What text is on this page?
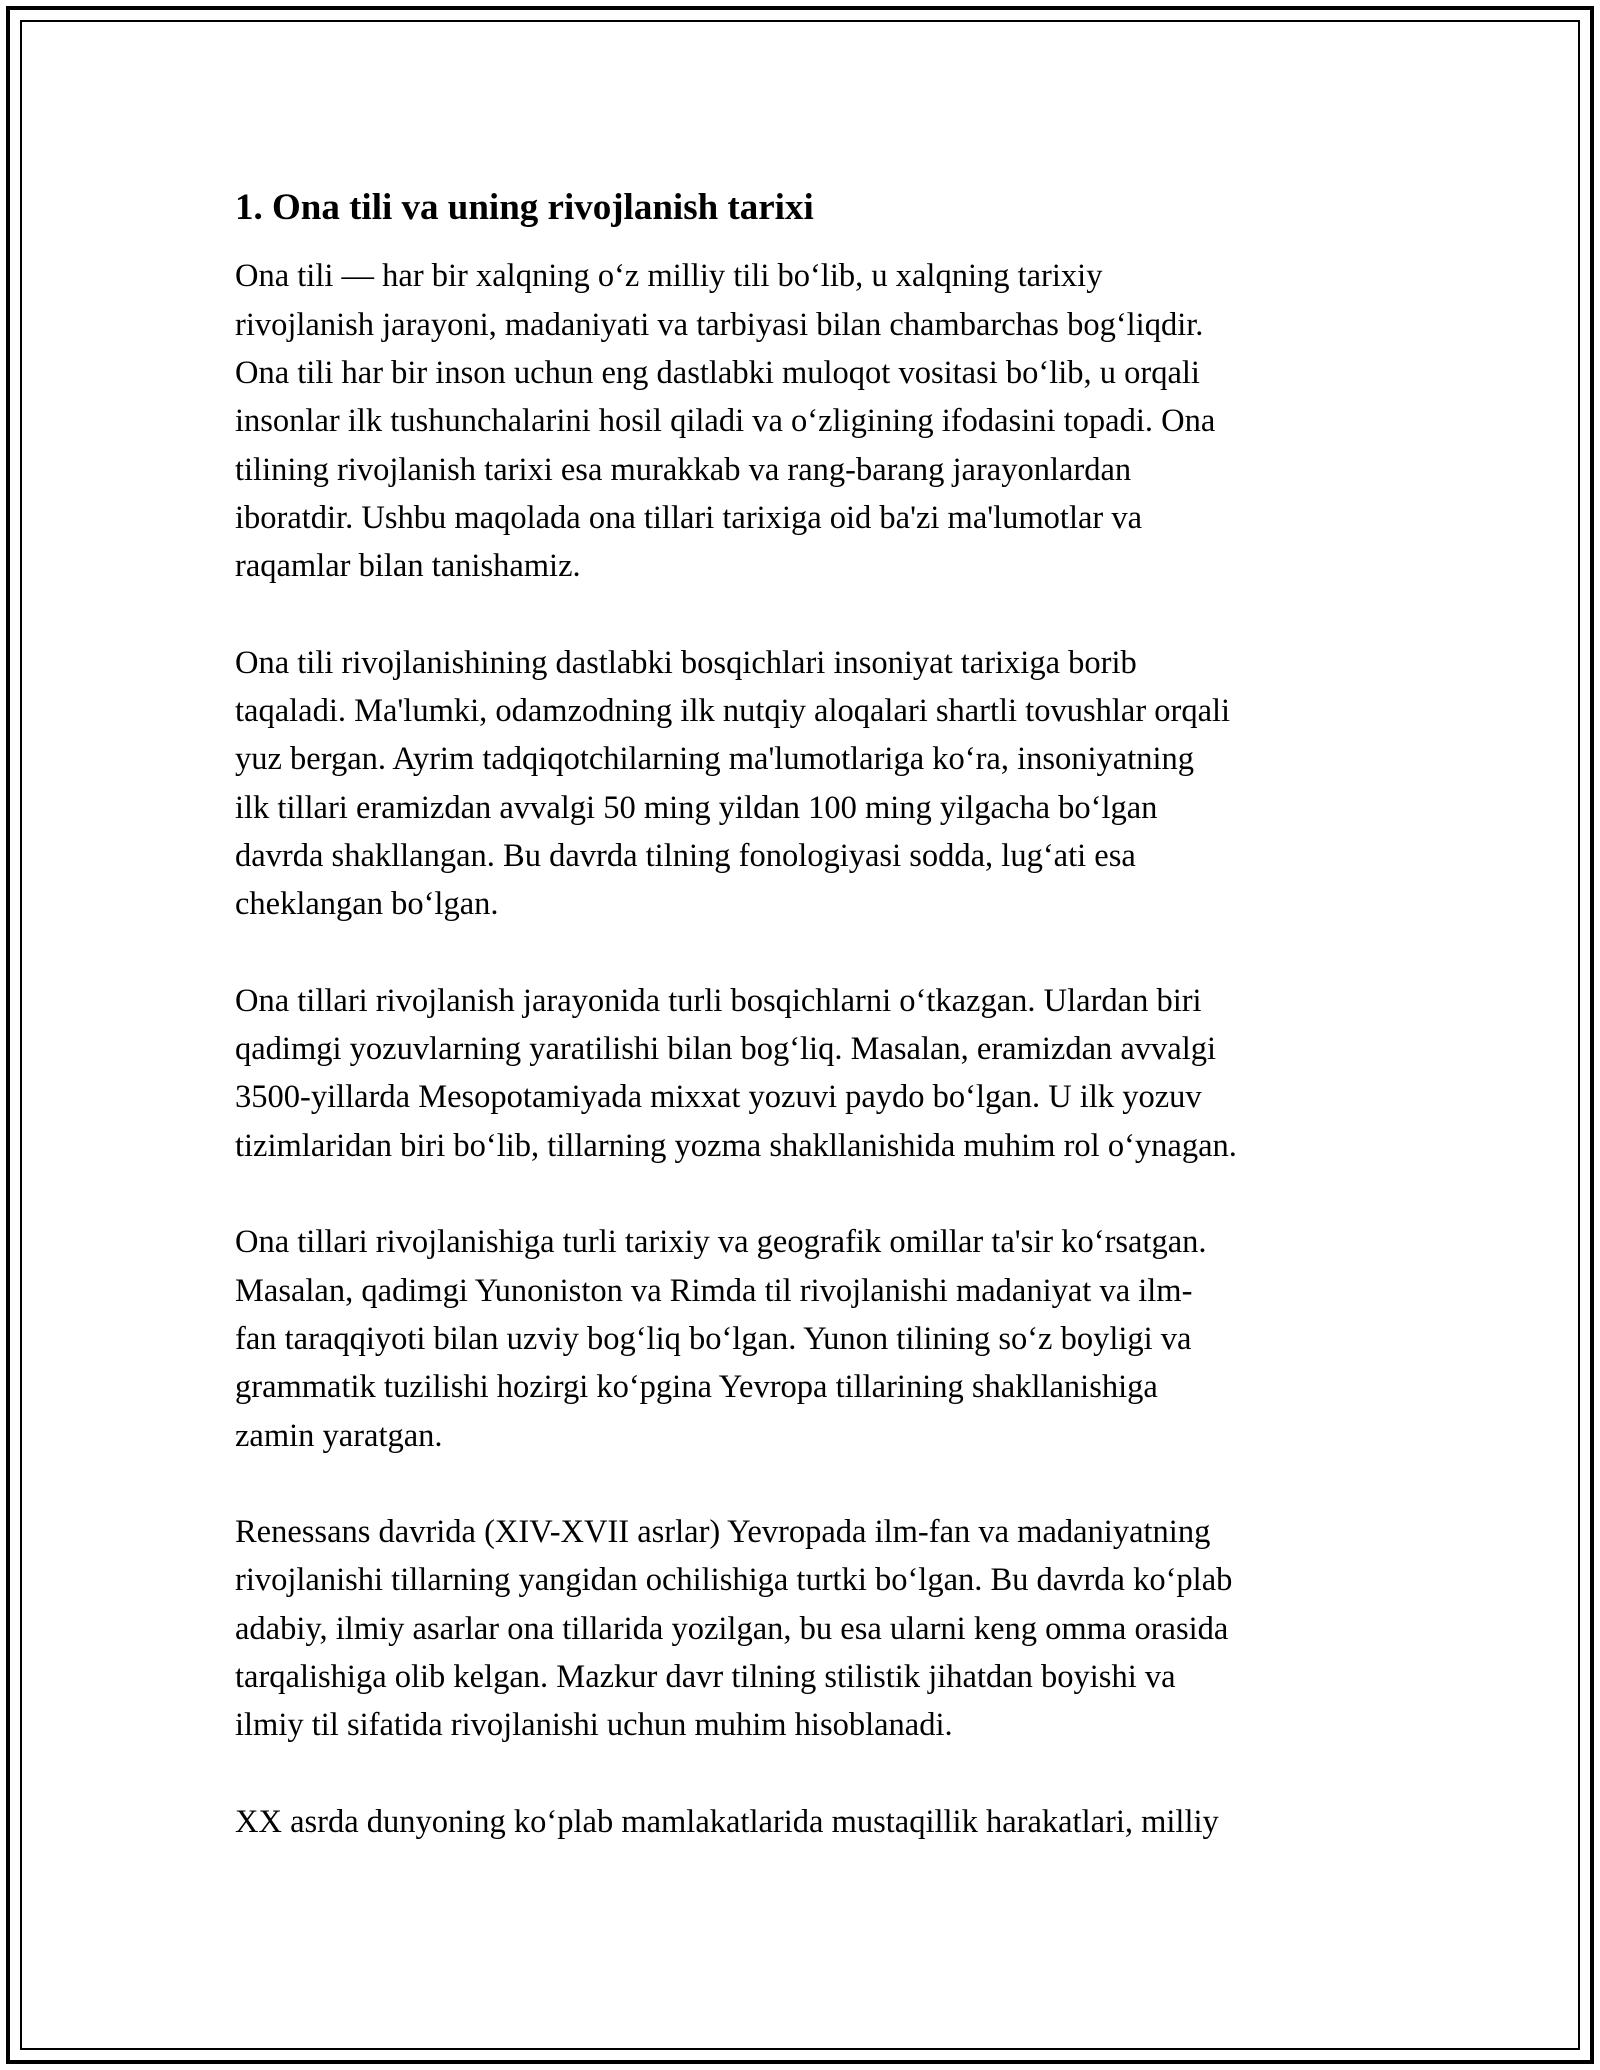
1. Ona tili va uning rivojlanish tarixi

Ona tili — har bir xalqning o‘z milliy tili bo‘lib, u xalqning tarixiy
rivojlanish jarayoni, madaniyati va tarbiyasi bilan chambarchas bog‘liqdir.
Ona tili har bir inson uchun eng dastlabki muloqot vositasi bo‘lib, u orqali
insonlar ilk tushunchalarini hosil qiladi va o‘zligining ifodasini topadi. Ona
tilining rivojlanish tarixi esa murakkab va rang-barang jarayonlardan
iboratdir. Ushbu maqolada ona tillari tarixiga oid ba'zi ma'lumotlar va
raqamlar bilan tanishamiz.

Ona tili rivojlanishining dastlabki bosqichlari insoniyat tarixiga borib
taqaladi. Ma'lumki, odamzodning ilk nutqiy aloqalari shartli tovushlar orqali
yuz bergan. Ayrim tadqiqotchilarning ma'lumotlariga ko‘ra, insoniyatning
ilk tillari eramizdan avvalgi 50 ming yildan 100 ming yilgacha bo‘lgan
davrda shakllangan. Bu davrda tilning fonologiyasi sodda, lug‘ati esa
cheklangan bo‘lgan.

Ona tillari rivojlanish jarayonida turli bosqichlarni o‘tkazgan. Ulardan biri
qadimgi yozuvlarning yaratilishi bilan bog‘liq. Masalan, eramizdan avvalgi
3500-yillarda Mesopotamiyada mixxat yozuvi paydo bo‘lgan. U ilk yozuv
tizimlaridan biri bo‘lib, tillarning yozma shakllanishida muhim rol o‘ynagan.

Ona tillari rivojlanishiga turli tarixiy va geografik omillar ta'sir ko‘rsatgan.
Masalan, qadimgi Yunoniston va Rimda til rivojlanishi madaniyat va ilm-
fan taraqqiyoti bilan uzviy bog‘liq bo‘lgan. Yunon tilining so‘z boyligi va
grammatik tuzilishi hozirgi ko‘pgina Yevropa tillarining shakllanishiga
zamin yaratgan.

Renessans davrida (XIV-XVII asrlar) Yevropada ilm-fan va madaniyatning
rivojlanishi tillarning yangidan ochilishiga turtki bo‘lgan. Bu davrda ko‘plab
adabiy, ilmiy asarlar ona tillarida yozilgan, bu esa ularni keng omma orasida
tarqalishiga olib kelgan. Mazkur davr tilning stilistik jihatdan boyishi va
ilmiy til sifatida rivojlanishi uchun muhim hisoblanadi.

XX asrda dunyoning ko‘plab mamlakatlarida mustaqillik harakatlari, milliy
